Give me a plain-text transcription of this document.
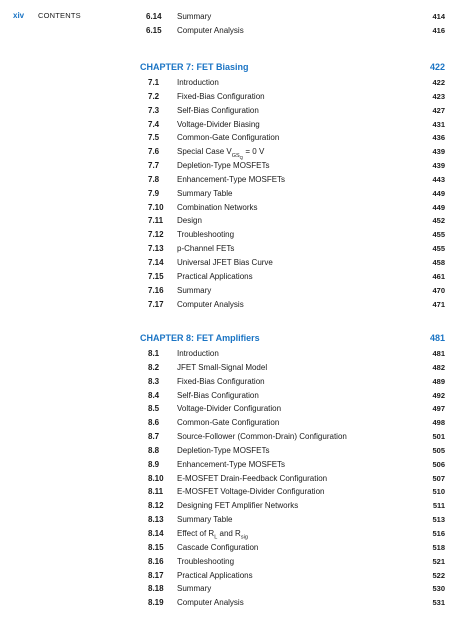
xiv CONTENTS	6.14 Summary	414
6.15 Computer Analysis	416
CHAPTER 7: FET Biasing	422
7.1 Introduction	422
7.2 Fixed-Bias Configuration	423
7.3 Self-Bias Configuration	427
7.4 Voltage-Divider Biasing	431
7.5 Common-Gate Configuration	436
7.6 Special Case $V_{GS_Q} = 0$ V	439
7.7 Depletion-Type MOSFETs	439
7.8 Enhancement-Type MOSFETs	443
7.9 Summary Table	449
7.10 Combination Networks	449
7.11 Design	452
7.12 Troubleshooting	455
7.13 p-Channel FETs	455
7.14 Universal JFET Bias Curve	458
7.15 Practical Applications	461
7.16 Summary	470
7.17 Computer Analysis	471
CHAPTER 8: FET Amplifiers	481
8.1 Introduction	481
8.2 JFET Small-Signal Model	482
8.3 Fixed-Bias Configuration	489
8.4 Self-Bias Configuration	492
8.5 Voltage-Divider Configuration	497
8.6 Common-Gate Configuration	498
8.7 Source-Follower (Common-Drain) Configuration	501
8.8 Depletion-Type MOSFETs	505
8.9 Enhancement-Type MOSFETs	506
8.10 E-MOSFET Drain-Feedback Configuration	507
8.11 E-MOSFET Voltage-Divider Configuration	510
8.12 Designing FET Amplifier Networks	511
8.13 Summary Table	513
8.14 Effect of $R_L$ and $R_{sig}$	516
8.15 Cascade Configuration	518
8.16 Troubleshooting	521
8.17 Practical Applications	522
8.18 Summary	530
8.19 Computer Analysis	531
